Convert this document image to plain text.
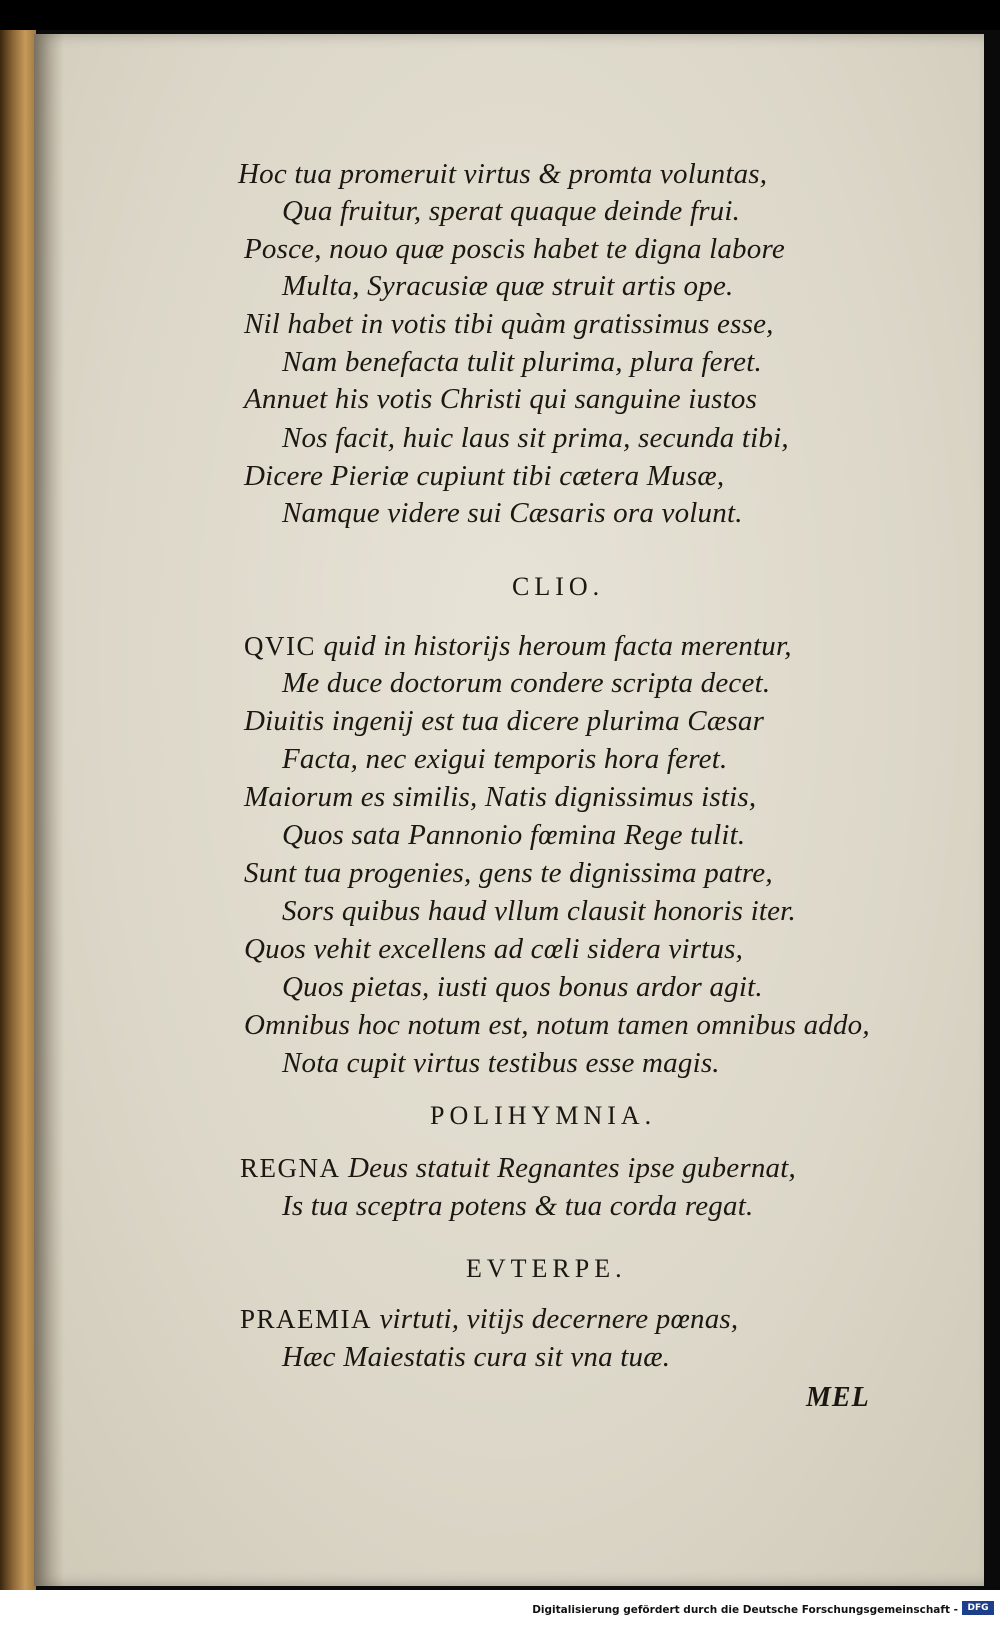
Hoc tua promeruit virtus & promta voluntas,
Qua fruitur, sperat quaque deinde frui.
Posce, nouo quæ poscis habet te digna labore
Multa, Syracusiæ quæ struit artis ope.
Nil habet in votis tibi quàm gratissimus esse,
Nam benefacta tulit plurima, plura feret.
Annuet his votis Christi qui sanguine iustos
Nos facit, huic laus sit prima, secunda tibi,
Dicere Pieriæ cupiunt tibi cætera Musæ,
Namque videre sui Cæsaris ora volunt.
CLIO.
QVIC quid in historijs heroum facta merentur,
Me duce doctorum condere scripta decet.
Diuitis ingenij est tua dicere plurima Cæsar
Facta, nec exigui temporis hora feret.
Maiorum es similis, Natis dignissimus istis,
Quos sata Pannonio fœmina Rege tulit.
Sunt tua progenies, gens te dignissima patre,
Sors quibus haud vllum clausit honoris iter.
Quos vehit excellens ad cœli sidera virtus,
Quos pietas, iusti quos bonus ardor agit.
Omnibus hoc notum est, notum tamen omnibus addo,
Nota cupit virtus testibus esse magis.
POLIHYMNIA.
REGNA Deus statuit Regnantes ipse gubernat,
Is tua sceptra potens & tua corda regat.
EVTERPE.
PRAEMIA virtuti, vitijs decernere pœnas,
Hæc Maiestatis cura sit vna tuæ.
MEL
Digitalisierung gefördert durch die Deutsche Forschungsgemeinschaft -	DFG
